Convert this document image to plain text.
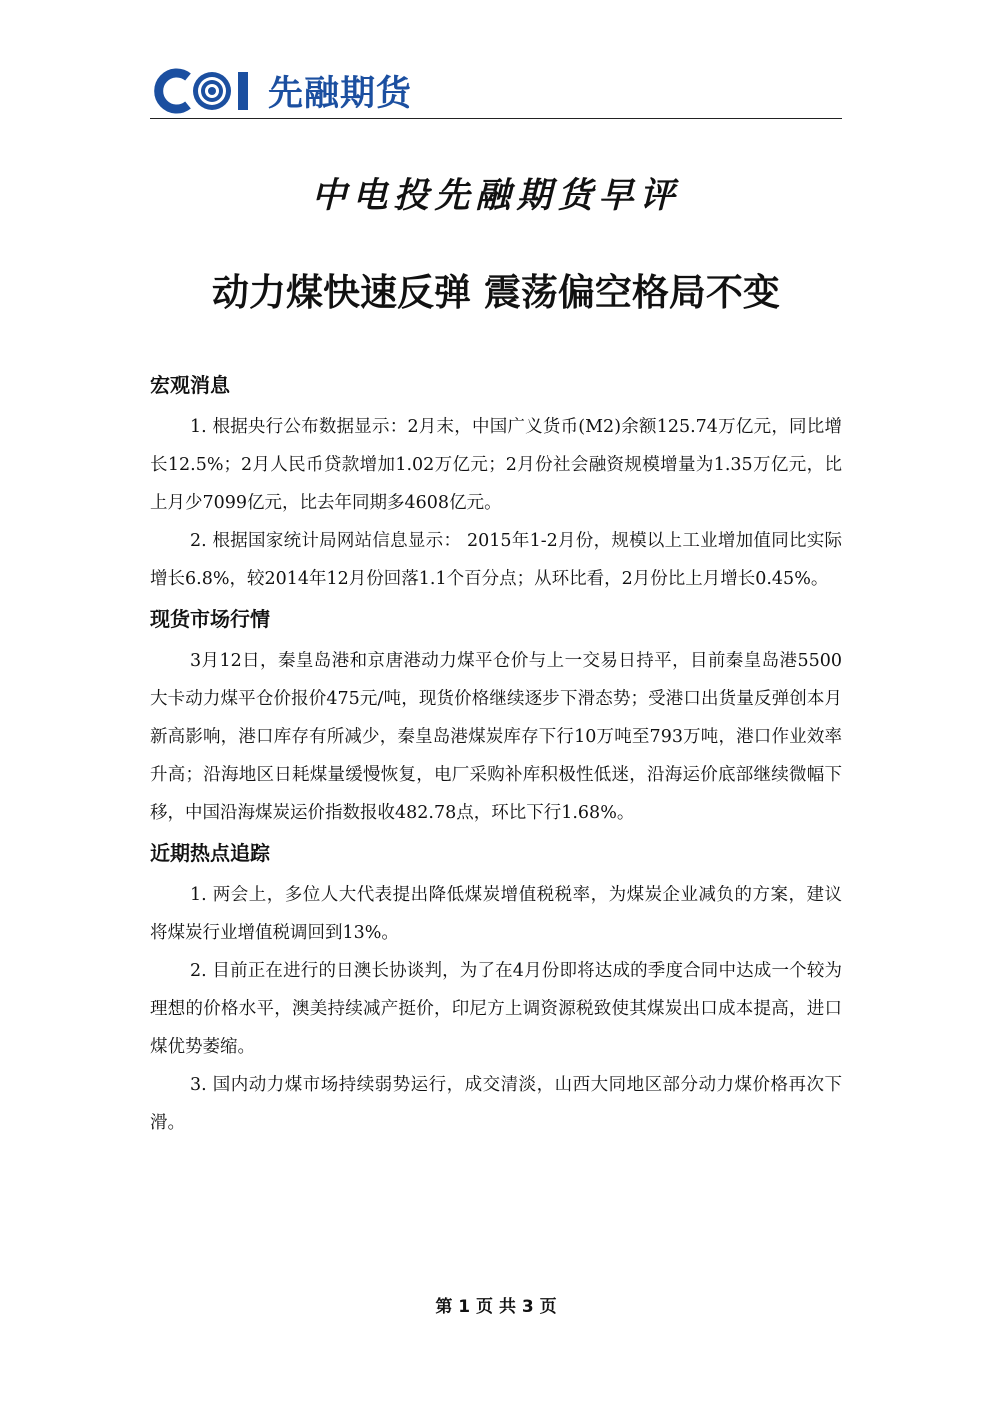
先融期货
中电投先融期货早评
动力煤快速反弹 震荡偏空格局不变
宏观消息

1. 根据央行公布数据显示：2月末，中国广义货币(M2)余额125.74万亿元，同比增长12.5%；2月人民币贷款增加1.02万亿元；2月份社会融资规模增量为1.35万亿元，比上月少7099亿元，比去年同期多4608亿元。

2. 根据国家统计局网站信息显示： 2015年1-2月份，规模以上工业增加值同比实际增长6.8%，较2014年12月份回落1.1个百分点；从环比看，2月份比上月增长0.45%。

现货市场行情

3月12日，秦皇岛港和京唐港动力煤平仓价与上一交易日持平，目前秦皇岛港5500大卡动力煤平仓价报价475元/吨，现货价格继续逐步下滑态势；受港口出货量反弹创本月新高影响，港口库存有所减少，秦皇岛港煤炭库存下行10万吨至793万吨，港口作业效率升高；沿海地区日耗煤量缓慢恢复，电厂采购补库积极性低迷，沿海运价底部继续微幅下移，中国沿海煤炭运价指数报收482.78点，环比下行1.68%。

近期热点追踪

1. 两会上，多位人大代表提出降低煤炭增值税税率，为煤炭企业减负的方案，建议将煤炭行业增值税调回到13%。

2. 目前正在进行的日澳长协谈判，为了在4月份即将达成的季度合同中达成一个较为理想的价格水平，澳美持续减产挺价，印尼方上调资源税致使其煤炭出口成本提高，进口煤优势萎缩。

3. 国内动力煤市场持续弱势运行，成交清淡，山西大同地区部分动力煤价格再次下滑。

第 1 页 共 3 页
